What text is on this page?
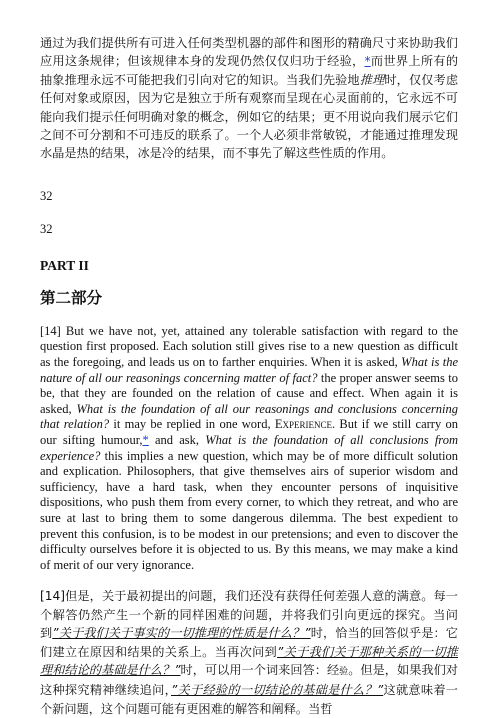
通过为我们提供所有可进入任何类型机器的部件和图形的精确尺寸来协助我们应用这条规律；但该规律本身的发现仍然仅仅归功于经验，*而世界上所有的抽象推理永远不可能把我们引向对它的知识。当我们先验地推理时，仅仅考虑任何对象或原因，因为它是独立于所有观察而呈现在心灵面前的，它永远不可能向我们提示任何明确对象的概念，例如它的结果；更不用说向我们展示它们之间不可分割和不可违反的联系了。一个人必须非常敏锐，才能通过推理发现水晶是热的结果，冰是冷的结果，而不事先了解这些性质的作用。

32

32

PART II

第二部分

[14] But we have not, yet, attained any tolerable satisfaction with regard to the question first proposed. Each solution still gives rise to a new question as difficult as the foregoing, and leads us on to farther enquiries. When it is asked, What is the nature of all our reasonings concerning matter of fact? the proper answer seems to be, that they are founded on the relation of cause and effect. When again it is asked, What is the foundation of all our reasonings and conclusions concerning that relation? it may be replied in one word, Experience. But if we still carry on our sifting humour,* and ask, What is the foundation of all conclusions from experience? this implies a new question, which may be of more difficult solution and explication. Philosophers, that give themselves airs of superior wisdom and sufficiency, have a hard task, when they encounter persons of inquisitive dispositions, who push them from every corner, to which they retreat, and who are sure at last to bring them to some dangerous dilemma. The best expedient to prevent this confusion, is to be modest in our pretensions; and even to discover the difficulty ourselves before it is objected to us. By this means, we may make a kind of merit of our very ignorance.

[14]但是，关于最初提出的问题，我们还没有获得任何差强人意的满意。每一个解答仍然产生一个新的同样困难的问题，并将我们引向更远的探究。当问到”关于我们关于事实的一切推理的性质是什么？”时，恰当的回答似乎是：它们建立在原因和结果的关系上。当再次问到”关于我们关于那种关系的一切推理和结论的基础是什么？”时，可以用一个词来回答：经验。但是，如果我们对这种探究精神继续追问，”关于经验的一切结论的基础是什么？”这就意味着一个新问题，这个问题可能有更困难的解答和阐释。当哲
